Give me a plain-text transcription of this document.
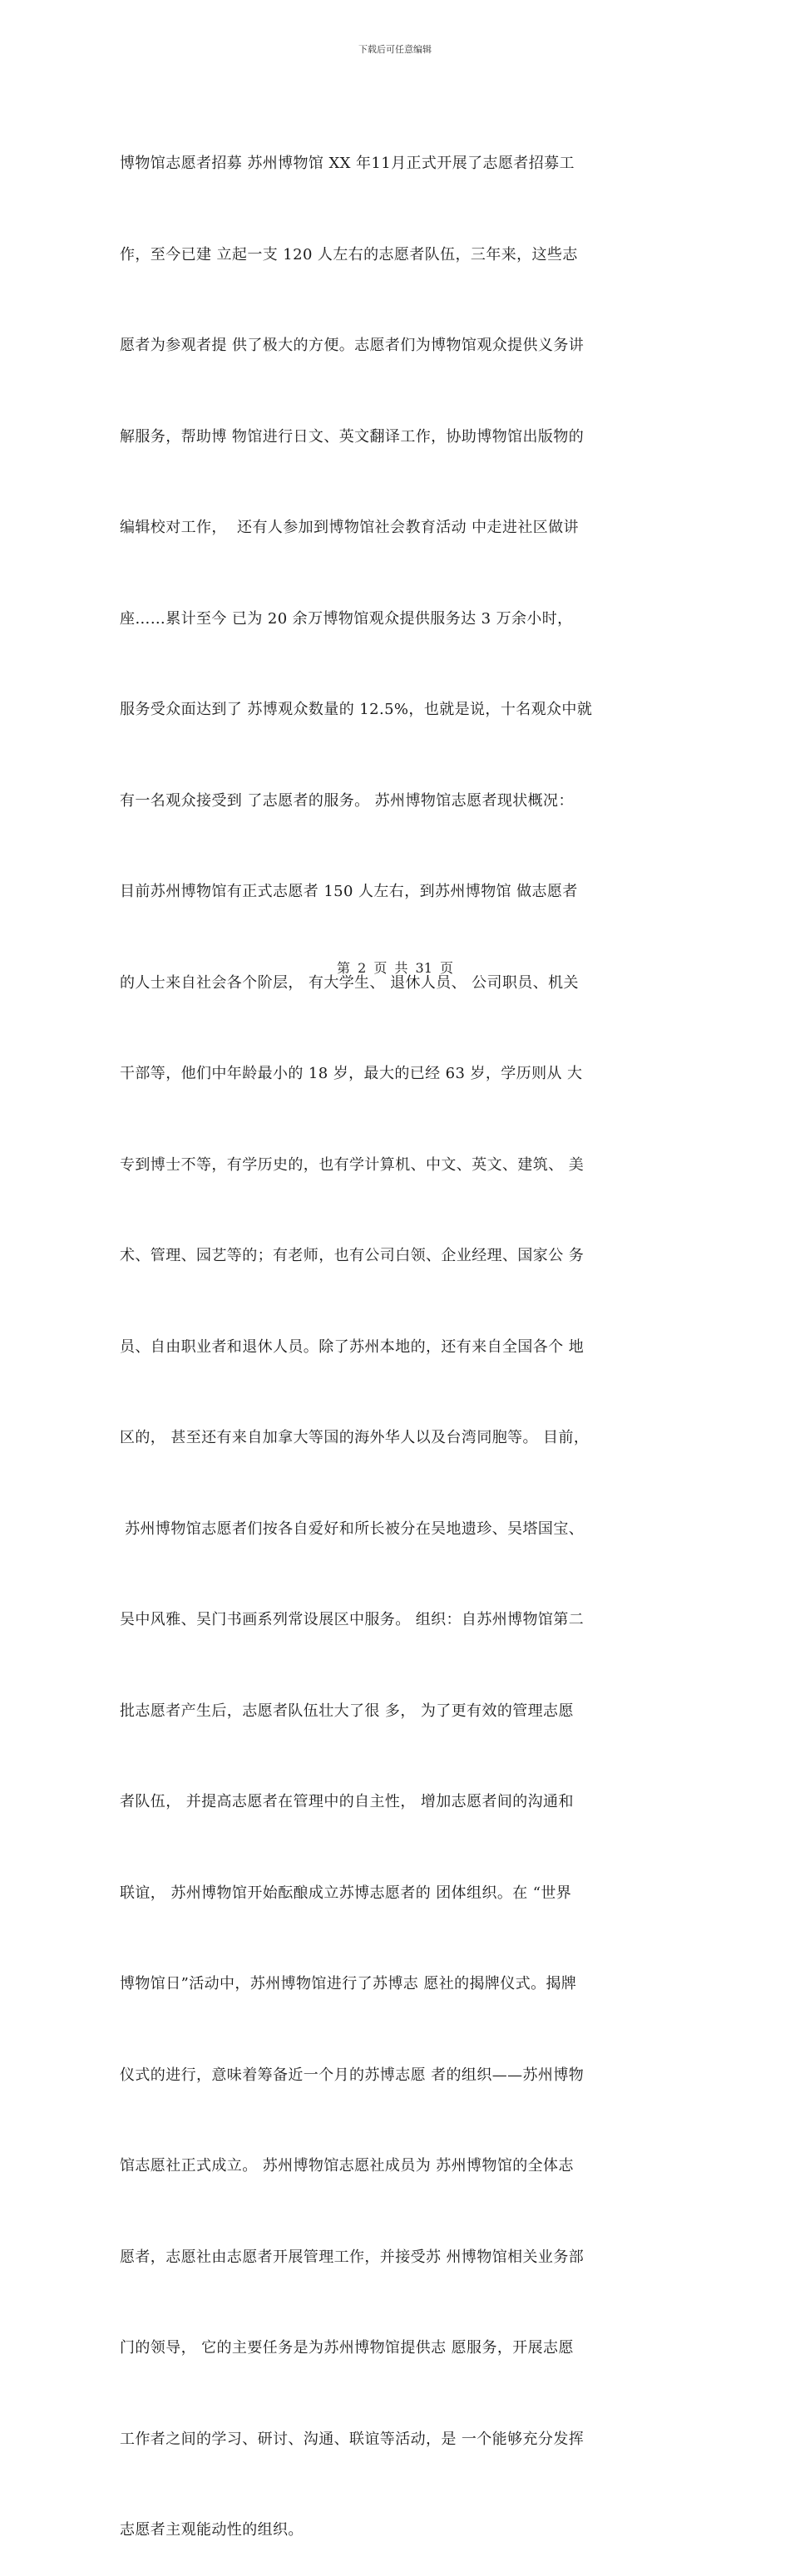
下载后可任意编辑

博物馆志愿者招募 苏州博物馆 XX 年11月正式开展了志愿者招募工

作，至今已建 立起一支 120 人左右的志愿者队伍，三年来，这些志

愿者为参观者提 供了极大的方便。志愿者们为博物馆观众提供义务讲

解服务，帮助博 物馆进行日文、英文翻译工作，协助博物馆出版物的

编辑校对工作，  还有人参加到博物馆社会教育活动 中走进社区做讲

座……累计至今 已为 20 余万博物馆观众提供服务达 3 万余小时，

服务受众面达到了 苏博观众数量的 12.5%，也就是说，十名观众中就

有一名观众接受到 了志愿者的服务。 苏州博物馆志愿者现状概况：

目前苏州博物馆有正式志愿者 150 人左右，到苏州博物馆 做志愿者

的人士来自社会各个阶层， 有大学生、 退休人员、 公司职员、机关

干部等，他们中年龄最小的 18 岁，最大的已经 63 岁，学历则从 大

专到博士不等，有学历史的，也有学计算机、中文、英文、建筑、 美

术、管理、园艺等的；有老师，也有公司白领、企业经理、国家公 务

员、自由职业者和退休人员。除了苏州本地的，还有来自全国各个 地

区的， 甚至还有来自加拿大等国的海外华人以及台湾同胞等。 目前，

苏州博物馆志愿者们按各自爱好和所长被分在吴地遗珍、吴塔国宝、

吴中风雅、吴门书画系列常设展区中服务。 组织：自苏州博物馆第二

批志愿者产生后，志愿者队伍壮大了很 多， 为了更有效的管理志愿

者队伍， 并提高志愿者在管理中的自主性， 增加志愿者间的沟通和

联谊， 苏州博物馆开始酝酿成立苏博志愿者的 团体组织。在 “世界

博物馆日”活动中，苏州博物馆进行了苏博志 愿社的揭牌仪式。揭牌

仪式的进行，意味着筹备近一个月的苏博志愿 者的组织——苏州博物

馆志愿社正式成立。 苏州博物馆志愿社成员为 苏州博物馆的全体志

愿者，志愿社由志愿者开展管理工作，并接受苏 州博物馆相关业务部

门的领导， 它的主要任务是为苏州博物馆提供志 愿服务，开展志愿

工作者之间的学习、研讨、沟通、联谊等活动，是 一个能够充分发挥

志愿者主观能动性的组织。

第 2 页 共 31 页
